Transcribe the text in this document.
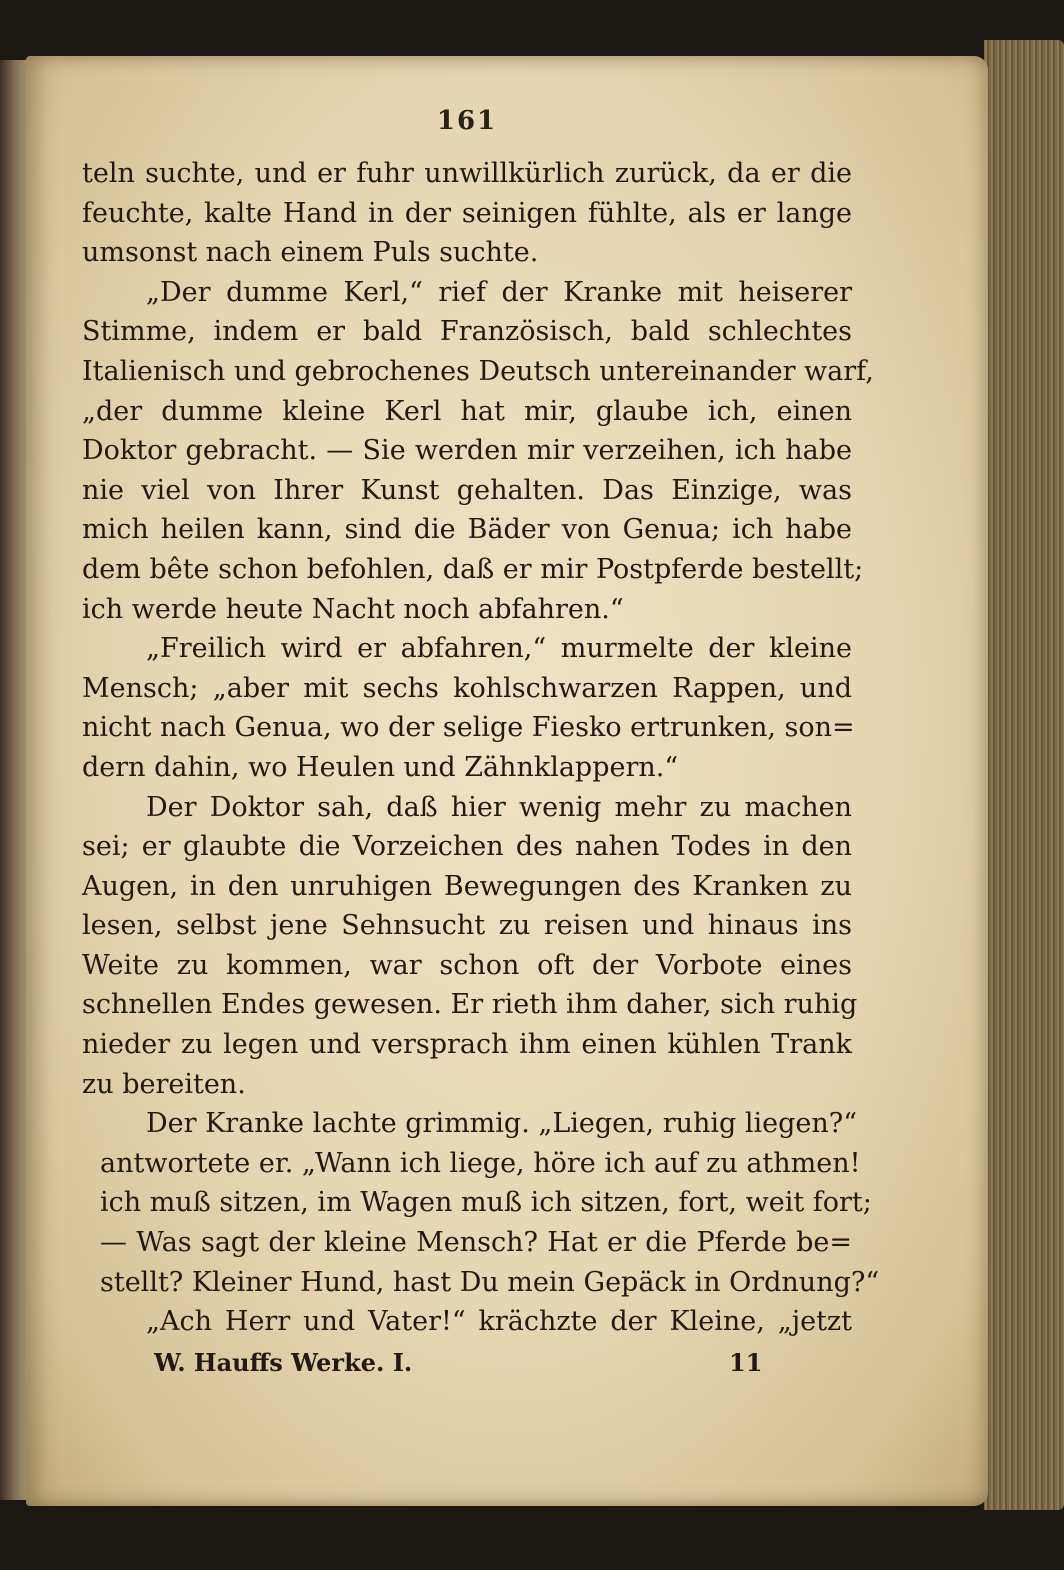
161
teln suchte, und er fuhr unwillkürlich zurück, da er die
feuchte, kalte Hand in der seinigen fühlte, als er lange
umsonst nach einem Puls suchte.
„Der dumme Kerl,“ rief der Kranke mit heiserer
Stimme, indem er bald Französisch, bald schlechtes
Italienisch und gebrochenes Deutsch untereinander warf,
„der dumme kleine Kerl hat mir, glaube ich, einen
Doktor gebracht. — Sie werden mir verzeihen, ich habe
nie viel von Ihrer Kunst gehalten. Das Einzige, was
mich heilen kann, sind die Bäder von Genua; ich habe
dem bête schon befohlen, daß er mir Postpferde bestellt;
ich werde heute Nacht noch abfahren.“
„Freilich wird er abfahren,“ murmelte der kleine
Mensch; „aber mit sechs kohlschwarzen Rappen, und
nicht nach Genua, wo der selige Fiesko ertrunken, son=
dern dahin, wo Heulen und Zähnklappern.“
Der Doktor sah, daß hier wenig mehr zu machen
sei; er glaubte die Vorzeichen des nahen Todes in den
Augen, in den unruhigen Bewegungen des Kranken zu
lesen, selbst jene Sehnsucht zu reisen und hinaus ins
Weite zu kommen, war schon oft der Vorbote eines
schnellen Endes gewesen. Er rieth ihm daher, sich ruhig
nieder zu legen und versprach ihm einen kühlen Trank
zu bereiten.
Der Kranke lachte grimmig. „Liegen, ruhig liegen?“
antwortete er. „Wann ich liege, höre ich auf zu athmen!
ich muß sitzen, im Wagen muß ich sitzen, fort, weit fort;
— Was sagt der kleine Mensch? Hat er die Pferde be=
stellt? Kleiner Hund, hast Du mein Gepäck in Ordnung?“
„Ach Herr und Vater!“ krächzte der Kleine, „jetzt
W. Hauffs Werke. I.	11
